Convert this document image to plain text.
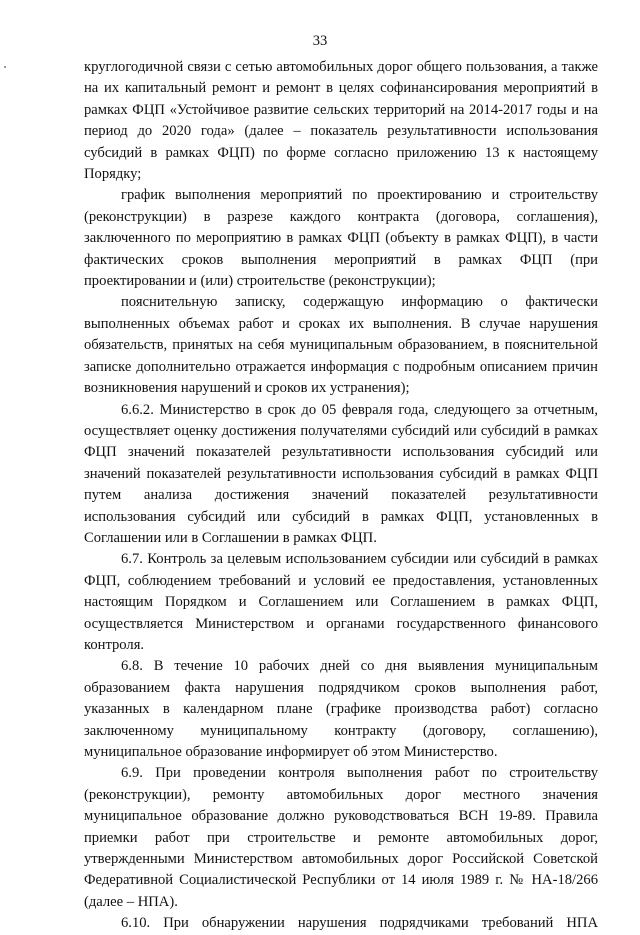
33

круглогодичной связи с сетью автомобильных дорог общего пользования, а также на их капитальный ремонт и ремонт в целях софинансирования мероприятий в рамках ФЦП «Устойчивое развитие сельских территорий на 2014-2017 годы и на период до 2020 года» (далее – показатель результативности использования субсидий в рамках ФЦП) по форме согласно приложению 13 к настоящему Порядку;

график выполнения мероприятий по проектированию и строительству (реконструкции) в разрезе каждого контракта (договора, соглашения), заключенного по мероприятию в рамках ФЦП (объекту в рамках ФЦП), в части фактических сроков выполнения мероприятий в рамках ФЦП (при проектировании и (или) строительстве (реконструкции);

пояснительную записку, содержащую информацию о фактически выполненных объемах работ и сроках их выполнения. В случае нарушения обязательств, принятых на себя муниципальным образованием, в пояснительной записке дополнительно отражается информация с подробным описанием причин возникновения нарушений и сроков их устранения);

6.6.2. Министерство в срок до 05 февраля года, следующего за отчетным, осуществляет оценку достижения получателями субсидий или субсидий в рамках ФЦП значений показателей результативности использования субсидий или значений показателей результативности использования субсидий в рамках ФЦП путем анализа достижения значений показателей результативности использования субсидий или субсидий в рамках ФЦП, установленных в Соглашении или в Соглашении в рамках ФЦП.

6.7. Контроль за целевым использованием субсидии или субсидий в рамках ФЦП, соблюдением требований и условий ее предоставления, установленных настоящим Порядком и Соглашением или Соглашением в рамках ФЦП, осуществляется Министерством и органами государственного финансового контроля.

6.8. В течение 10 рабочих дней со дня выявления муниципальным образованием факта нарушения подрядчиком сроков выполнения работ, указанных в календарном плане (графике производства работ) согласно заключенному муниципальному контракту (договору, соглашению), муниципальное образование информирует об этом Министерство.

6.9. При проведении контроля выполнения работ по строительству (реконструкции), ремонту автомобильных дорог местного значения муниципальное образование должно руководствоваться ВСН 19-89. Правила приемки работ при строительстве и ремонте автомобильных дорог, утвержденными Министерством автомобильных дорог Российской Советской Федеративной Социалистической Республики от 14 июля 1989 г. № НА-18/266 (далее – НПА).

6.10. При обнаружении нарушения подрядчиками требований НПА
